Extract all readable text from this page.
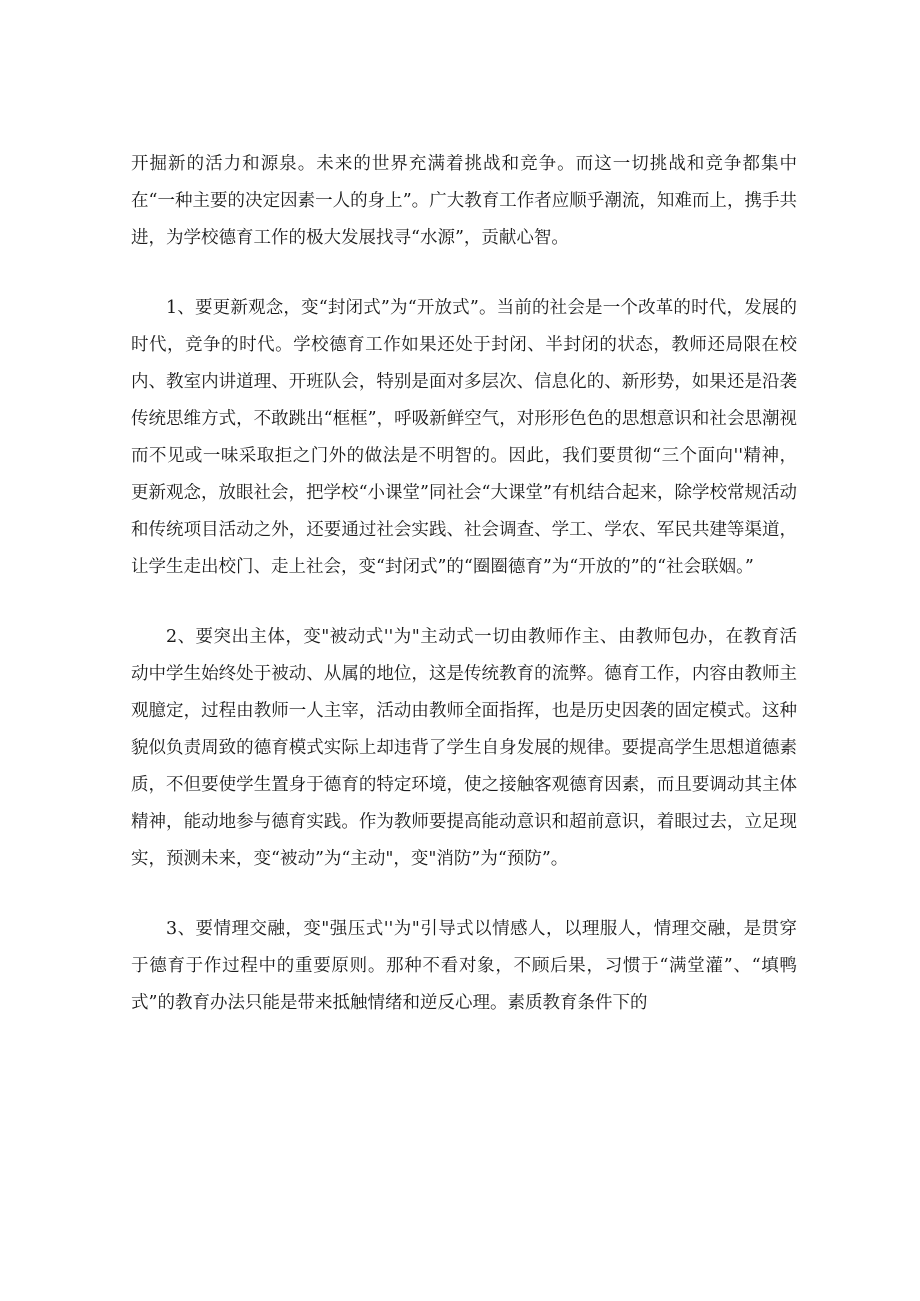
开掘新的活力和源泉。未来的世界充满着挑战和竞争。而这一切挑战和竞争都集中在“一种主要的决定因素一人的身上”。广大教育工作者应顺乎潮流，知难而上，携手共进，为学校德育工作的极大发展找寻“水源”，贡献心智。

1、要更新观念，变“封闭式”为“开放式”。当前的社会是一个改革的时代，发展的时代，竞争的时代。学校德育工作如果还处于封闭、半封闭的状态，教师还局限在校内、教室内讲道理、开班队会，特别是面对多层次、信息化的、新形势，如果还是沿袭传统思维方式，不敢跳出“框框”，呼吸新鲜空气，对形形色色的思想意识和社会思潮视而不见或一味采取拒之门外的做法是不明智的。因此，我们要贯彻“三个面向''精神，更新观念，放眼社会，把学校“小课堂”同社会“大课堂”有机结合起来，除学校常规活动和传统项目活动之外，还要通过社会实践、社会调查、学工、学农、军民共建等渠道，让学生走出校门、走上社会，变“封闭式”的“圈圈德育”为“开放的”的“社会联姻。”

2、要突出主体，变"被动式''为"主动式一切由教师作主、由教师包办，在教育活动中学生始终处于被动、从属的地位，这是传统教育的流弊。德育工作，内容由教师主观臆定，过程由教师一人主宰，活动由教师全面指挥，也是历史因袭的固定模式。这种貌似负责周致的德育模式实际上却违背了学生自身发展的规律。要提高学生思想道德素质，不但要使学生置身于德育的特定环境，使之接触客观德育因素，而且要调动其主体精神，能动地参与德育实践。作为教师要提高能动意识和超前意识，着眼过去，立足现实，预测未来，变“被动”为“主动"，变"消防”为“预防”。

3、要情理交融，变"强压式''为"引导式以情感人，以理服人，情理交融，是贯穿于德育于作过程中的重要原则。那种不看对象，不顾后果，习惯于“满堂灌”、“填鸭式”的教育办法只能是带来抵触情绪和逆反心理。素质教育条件下的
